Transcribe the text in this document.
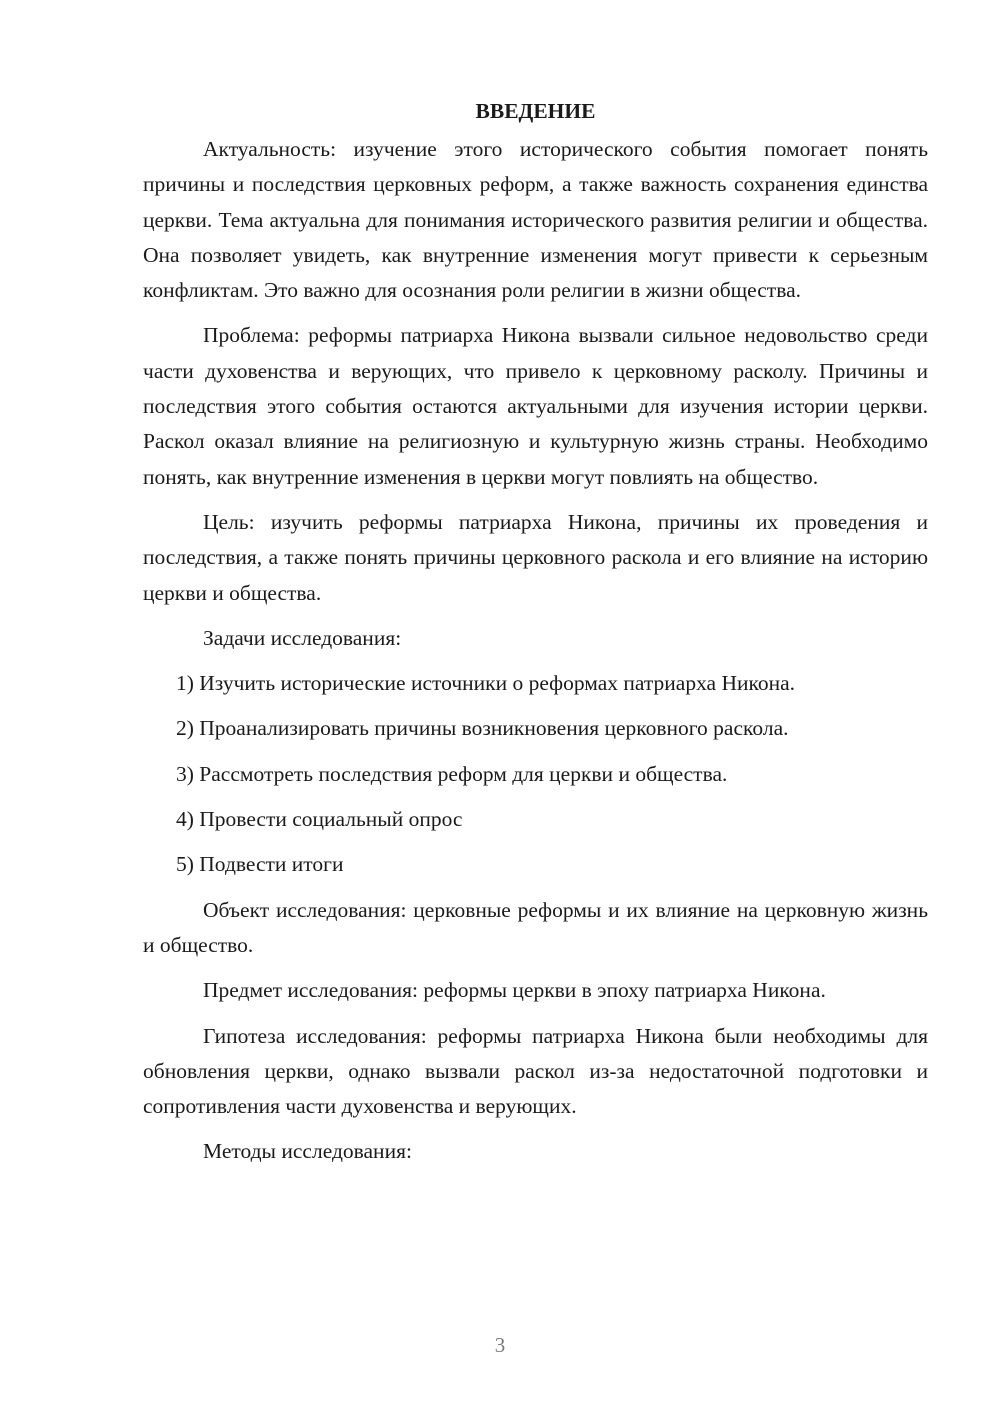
ВВЕДЕНИЕ

Актуальность: изучение этого исторического события помогает понять причины и последствия церковных реформ, а также важность сохранения единства церкви. Тема актуальна для понимания исторического развития религии и общества. Она позволяет увидеть, как внутренние изменения могут привести к серьезным конфликтам. Это важно для осознания роли религии в жизни общества.

Проблема: реформы патриарха Никона вызвали сильное недовольство среди части духовенства и верующих, что привело к церковному расколу. Причины и последствия этого события остаются актуальными для изучения истории церкви. Раскол оказал влияние на религиозную и культурную жизнь страны. Необходимо понять, как внутренние изменения в церкви могут повлиять на общество.

Цель: изучить реформы патриарха Никона, причины их проведения и последствия, а также понять причины церковного раскола и его влияние на историю церкви и общества.

Задачи исследования:

1) Изучить исторические источники о реформах патриарха Никона.
2) Проанализировать причины возникновения церковного раскола.
3) Рассмотреть последствия реформ для церкви и общества.
4) Провести социальный опрос
5) Подвести итоги

Объект исследования: церковные реформы и их влияние на церковную жизнь и общество.

Предмет исследования: реформы церкви в эпоху патриарха Никона.

Гипотеза исследования: реформы патриарха Никона были необходимы для обновления церкви, однако вызвали раскол из-за недостаточной подготовки и сопротивления части духовенства и верующих.

Методы исследования:

3
